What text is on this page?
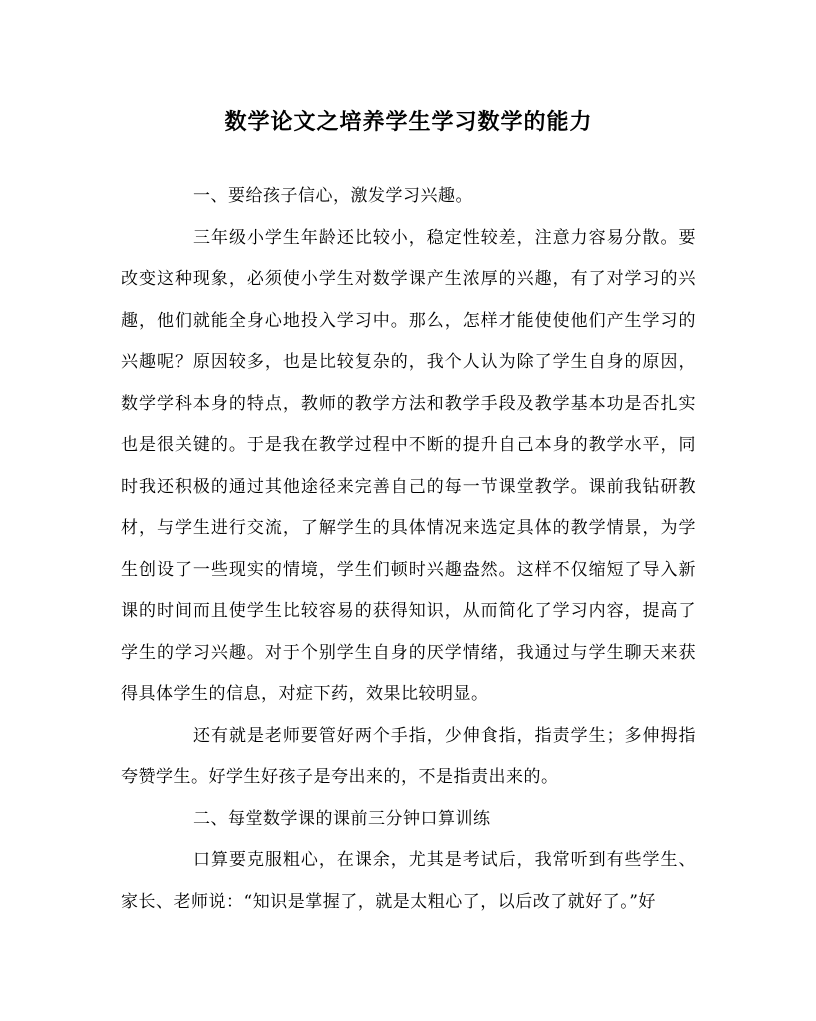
数学论文之培养学生学习数学的能力

一、要给孩子信心，激发学习兴趣。

三年级小学生年龄还比较小，稳定性较差，注意力容易分散。要改变这种现象，必须使小学生对数学课产生浓厚的兴趣，有了对学习的兴趣，他们就能全身心地投入学习中。那么，怎样才能使使他们产生学习的兴趣呢？原因较多，也是比较复杂的，我个人认为除了学生自身的原因，数学学科本身的特点，教师的教学方法和教学手段及教学基本功是否扎实也是很关键的。于是我在教学过程中不断的提升自己本身的教学水平，同时我还积极的通过其他途径来完善自己的每一节课堂教学。课前我钻研教材，与学生进行交流，了解学生的具体情况来选定具体的教学情景，为学生创设了一些现实的情境，学生们顿时兴趣盎然。这样不仅缩短了导入新课的时间而且使学生比较容易的获得知识，从而简化了学习内容，提高了学生的学习兴趣。对于个别学生自身的厌学情绪，我通过与学生聊天来获得具体学生的信息，对症下药，效果比较明显。

还有就是老师要管好两个手指，少伸食指，指责学生；多伸拇指夸赞学生。好学生好孩子是夸出来的，不是指责出来的。

二、每堂数学课的课前三分钟口算训练

口算要克服粗心，在课余，尤其是考试后，我常听到有些学生、家长、老师说：“知识是掌握了，就是太粗心了，以后改了就好了。”好
